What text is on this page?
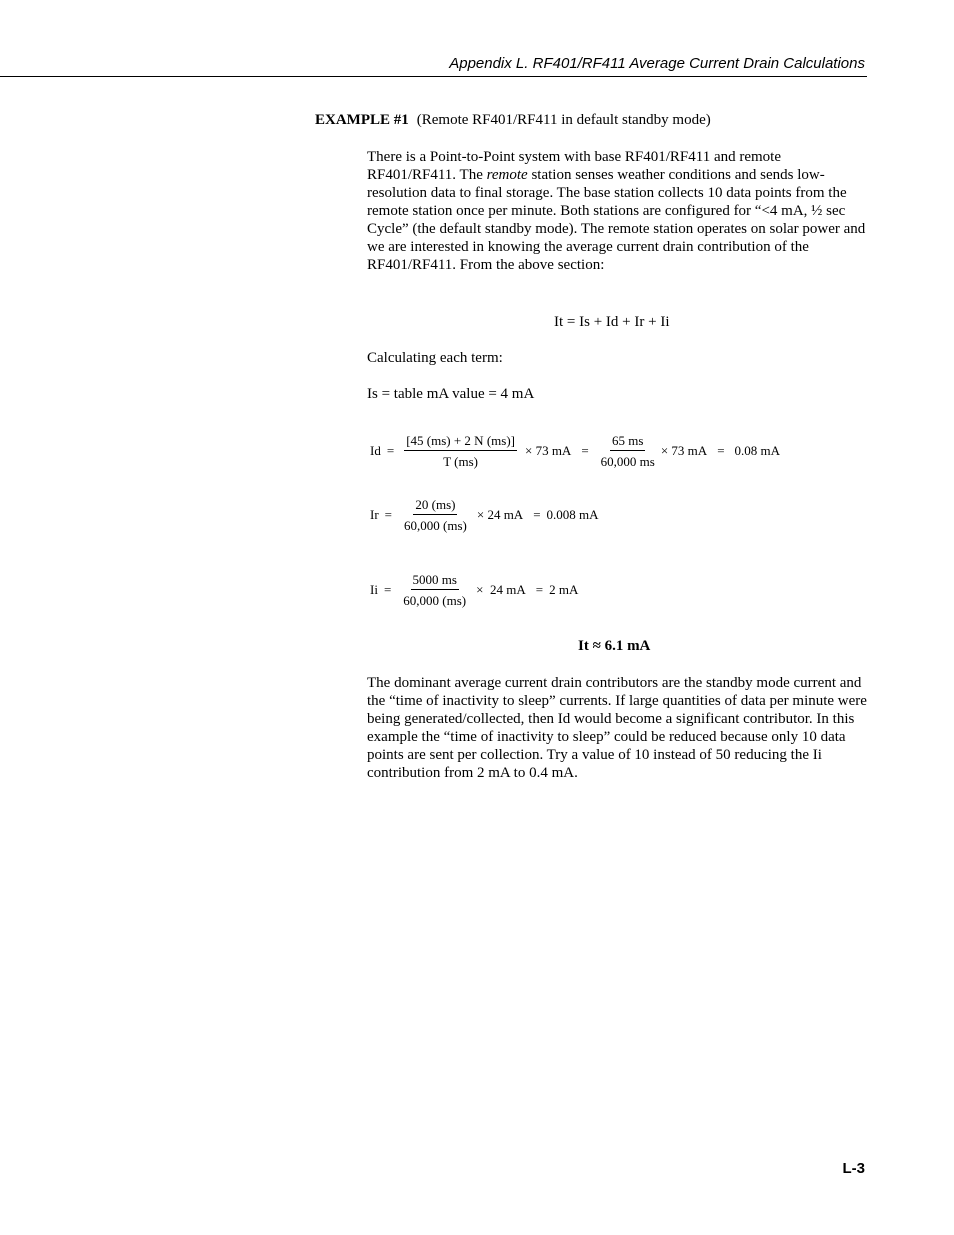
Appendix L. RF401/RF411 Average Current Drain Calculations
EXAMPLE #1 (Remote RF401/RF411 in default standby mode)

There is a Point-to-Point system with base RF401/RF411 and remote RF401/RF411. The remote station senses weather conditions and sends low-resolution data to final storage. The base station collects 10 data points from the remote station once per minute. Both stations are configured for “<4 mA, ½ sec Cycle” (the default standby mode). The remote station operates on solar power and we are interested in knowing the average current drain contribution of the RF401/RF411. From the above section:

It = Is + Id + Ir + Ii
Calculating each term:
Is = table mA value = 4 mA
$Id = \frac{[45 (ms) + 2 N (ms)]}{T (ms)} \times 73$ mA = $\frac{65 ms}{60,000 ms} \times 73$ mA = 0.08 mA
$Ir = \frac{20 (ms)}{60,000 (ms)} \times 24$ mA = 0.008 mA
$Ii = \frac{5000 ms}{60,000 (ms)} \times 24$ mA = 2 mA
It ≈ 6.1 mA

The dominant average current drain contributors are the standby mode current and the “time of inactivity to sleep” currents. If large quantities of data per minute were being generated/collected, then Id would become a significant contributor. In this example the “time of inactivity to sleep” could be reduced because only 10 data points are sent per collection. Try a value of 10 instead of 50 reducing the Ii contribution from 2 mA to 0.4 mA.

L-3
